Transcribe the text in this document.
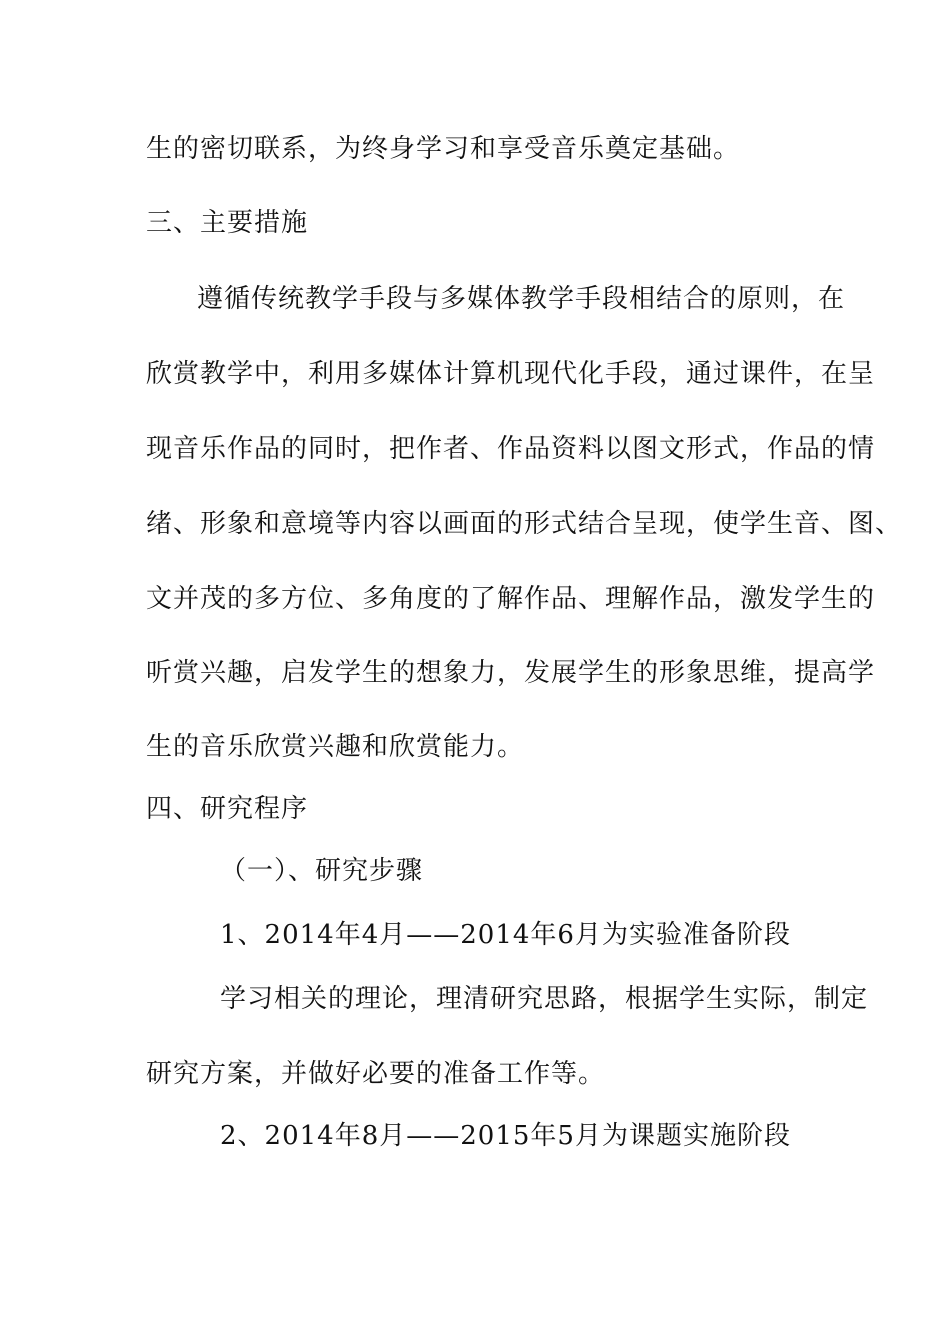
生的密切联系，为终身学习和享受音乐奠定基础。
三、主要措施
遵循传统教学手段与多媒体教学手段相结合的原则，在
欣赏教学中，利用多媒体计算机现代化手段，通过课件，在呈
现音乐作品的同时，把作者、作品资料以图文形式，作品的情
绪、形象和意境等内容以画面的形式结合呈现，使学生音、图、
文并茂的多方位、多角度的了解作品、理解作品，激发学生的
听赏兴趣，启发学生的想象力，发展学生的形象思维，提高学
生的音乐欣赏兴趣和欣赏能力。
四、研究程序
（一）、研究步骤
1、2014年4月——2014年6月为实验准备阶段
学习相关的理论，理清研究思路，根据学生实际，制定
研究方案，并做好必要的准备工作等。
2、2014年8月——2015年5月为课题实施阶段
